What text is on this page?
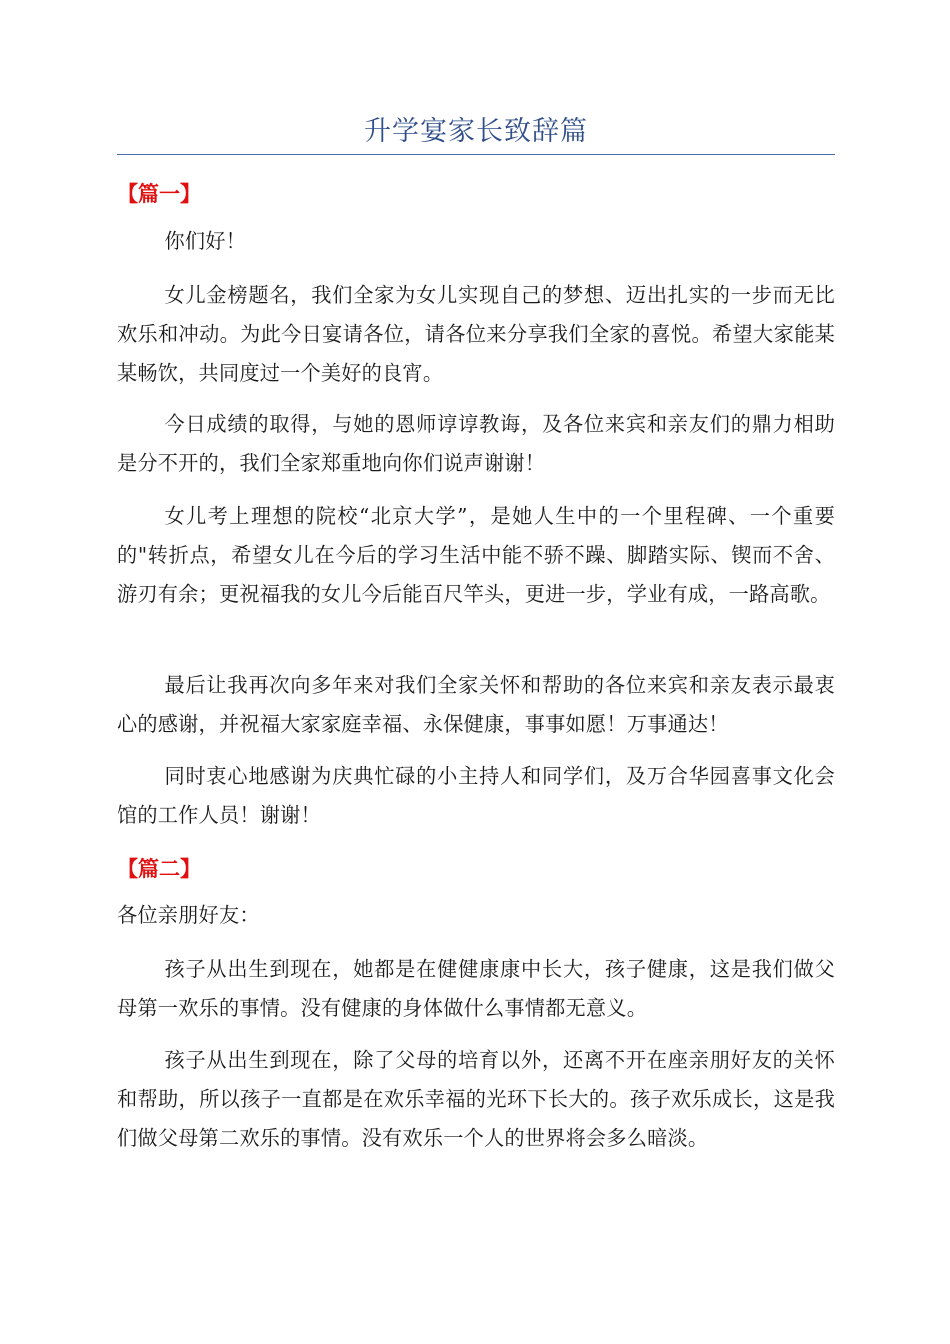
升学宴家长致辞篇
【篇一】

你们好！

女儿金榜题名，我们全家为女儿实现自己的梦想、迈出扎实的一步而无比欢乐和冲动。为此今日宴请各位，请各位来分享我们全家的喜悦。希望大家能某某畅饮，共同度过一个美好的良宵。

今日成绩的取得，与她的恩师谆谆教诲，及各位来宾和亲友们的鼎力相助是分不开的，我们全家郑重地向你们说声谢谢！

女儿考上理想的院校“北京大学”，是她人生中的一个里程碑、一个重要的"转折点，希望女儿在今后的学习生活中能不骄不躁、脚踏实际、锲而不舍、游刃有余；更祝福我的女儿今后能百尺竿头，更进一步，学业有成，一路高歌。

最后让我再次向多年来对我们全家关怀和帮助的各位来宾和亲友表示最衷心的感谢，并祝福大家家庭幸福、永保健康，事事如愿！万事通达！

同时衷心地感谢为庆典忙碌的小主持人和同学们，及万合华园喜事文化会馆的工作人员！谢谢！

【篇二】

各位亲朋好友：

孩子从出生到现在，她都是在健健康康中长大，孩子健康，这是我们做父母第一欢乐的事情。没有健康的身体做什么事情都无意义。

孩子从出生到现在，除了父母的培育以外，还离不开在座亲朋好友的关怀和帮助，所以孩子一直都是在欢乐幸福的光环下长大的。孩子欢乐成长，这是我们做父母第二欢乐的事情。没有欢乐一个人的世界将会多么暗淡。
